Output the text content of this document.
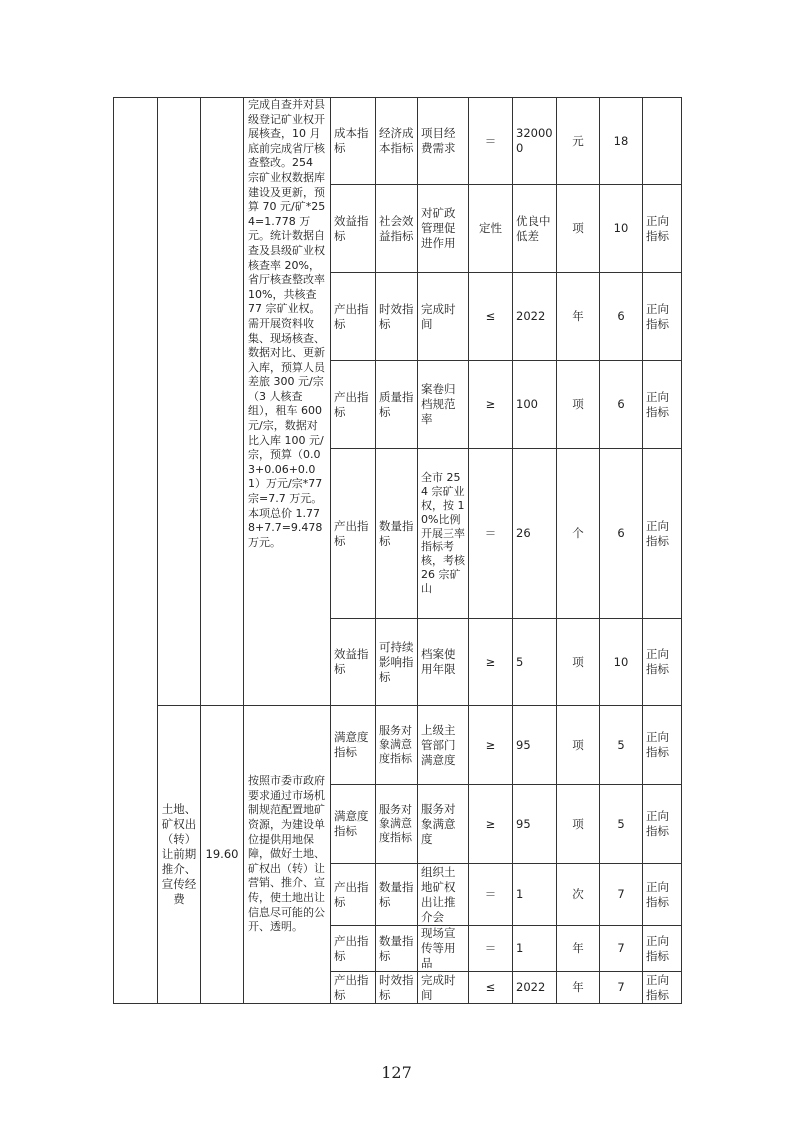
			完成自查并对县级登记矿业权开展核查，10 月底前完成省厅核查整改。254 宗矿业权数据库建设及更新，预算 70 元/矿*254=1.778 万元。统计数据自查及县级矿业权核查率 20%，省厅核查整改率 10%，共核查 77 宗矿业权。需开展资料收集、现场核查、数据对比、更新入库，预算人员差旅 300 元/宗（3 人核查组），租车 600 元/宗，数据对比入库 100 元/宗，预算（0.03+0.06+0.01）万元/宗*77 宗=7.7 万元。本项总价 1.778+7.7=9.478 万元。	成本指标	经济成本指标	项目经费需求	＝	320000	元	18	
				效益指标	社会效益指标	对矿政管理促进作用	定性	优良中低差	项	10	正向指标
				产出指标	时效指标	完成时间	≤	2022	年	6	正向指标
				产出指标	质量指标	案卷归档规范率	≥	100	项	6	正向指标
				产出指标	数量指标	全市 254 宗矿业权，按 10%比例开展三率指标考核，考核 26 宗矿山	＝	26	个	6	正向指标
				效益指标	可持续影响指标	档案使用年限	≥	5	项	10	正向指标
	土地、矿权出（转）让前期推介、宣传经费	19.60	按照市委市政府要求通过市场机制规范配置地矿资源，为建设单位提供用地保障，做好土地、矿权出（转）让营销、推介、宣传，使土地出让信息尽可能的公开、透明。	满意度指标	服务对象满意度指标	上级主管部门满意度	≥	95	项	5	正向指标
				满意度指标	服务对象满意度指标	服务对象满意度	≥	95	项	5	正向指标
				产出指标	数量指标	组织土地矿权出让推介会	＝	1	次	7	正向指标
				产出指标	数量指标	现场宣传等用品	＝	1	年	7	正向指标
				产出指标	时效指标	完成时间	≤	2022	年	7	正向指标
127
